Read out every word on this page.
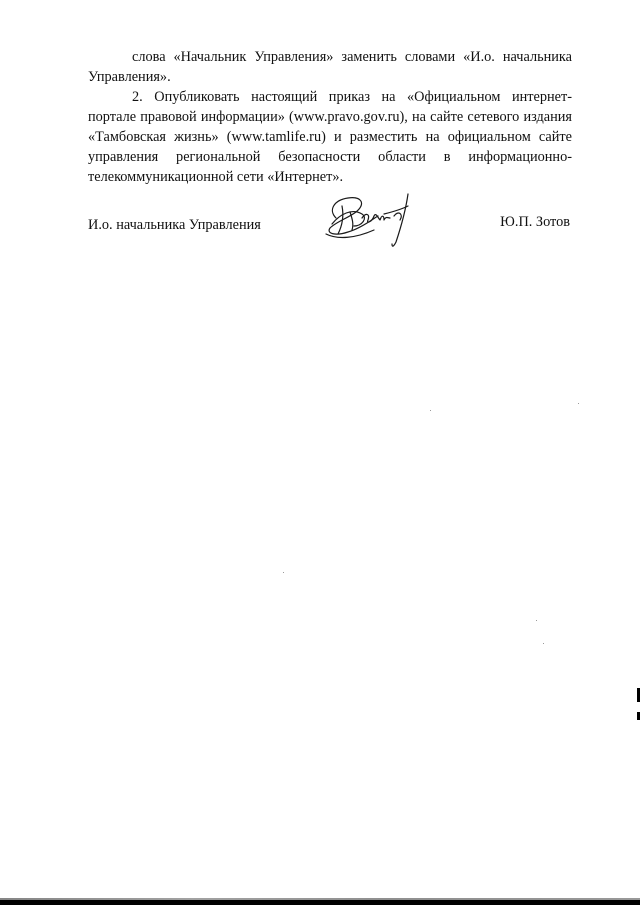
слова «Начальник Управления» заменить словами «И.о. начальника Управления».

2. Опубликовать настоящий приказ на «Официальном интернет-портале правовой информации» (www.pravo.gov.ru), на сайте сетевого издания «Тамбовская жизнь» (www.tamlife.ru) и разместить на официальном сайте управления региональной безопасности области в информационно-телекоммуникационной сети «Интернет».

И.о. начальника Управления	Ю.П. Зотов
